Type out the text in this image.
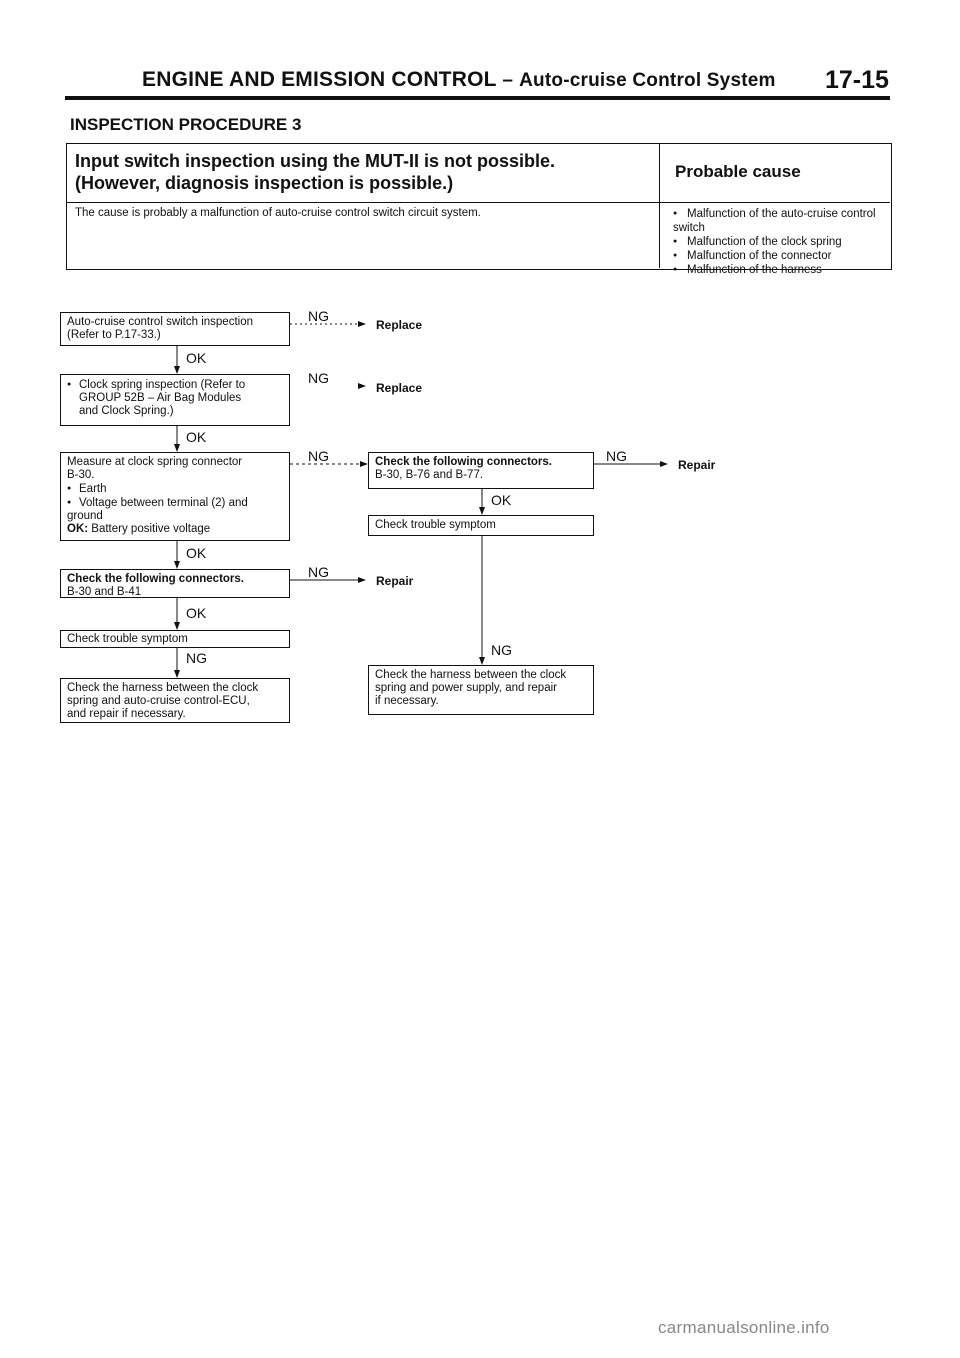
ENGINE AND EMISSION CONTROL – Auto-cruise Control System 17-15
INSPECTION PROCEDURE 3
Input switch inspection using the MUT-II is not possible.
(However, diagnosis inspection is possible.)
Probable cause
The cause is probably a malfunction of auto-cruise control switch circuit system.
●	Malfunction of the auto-cruise control switch
● Malfunction of the clock spring
● Malfunction of the connector
● Malfunction of the harness
Auto-cruise control switch inspection
(Refer to P.17-33.)
● Clock spring inspection (Refer to
GROUP 52B – Air Bag Modules
and Clock Spring.)
Measure at clock spring connector
B-30.
● Earth
● Voltage between terminal (2) and
ground
OK: Battery positive voltage
Check the following connectors.
B-30 and B-41
Check trouble symptom
Check the harness between the clock
spring and auto-cruise control-ECU,
and repair if necessary.
Check the following connectors.
B-30, B-76 and B-77.
Check trouble symptom
Check the harness between the clock
spring and power supply, and repair
if necessary.
OK
OK
OK
OK
NG
NG
NG
NG
NG
NG
OK
NG
Replace
Replace
Repair
Repair
carmanualsonline.info
